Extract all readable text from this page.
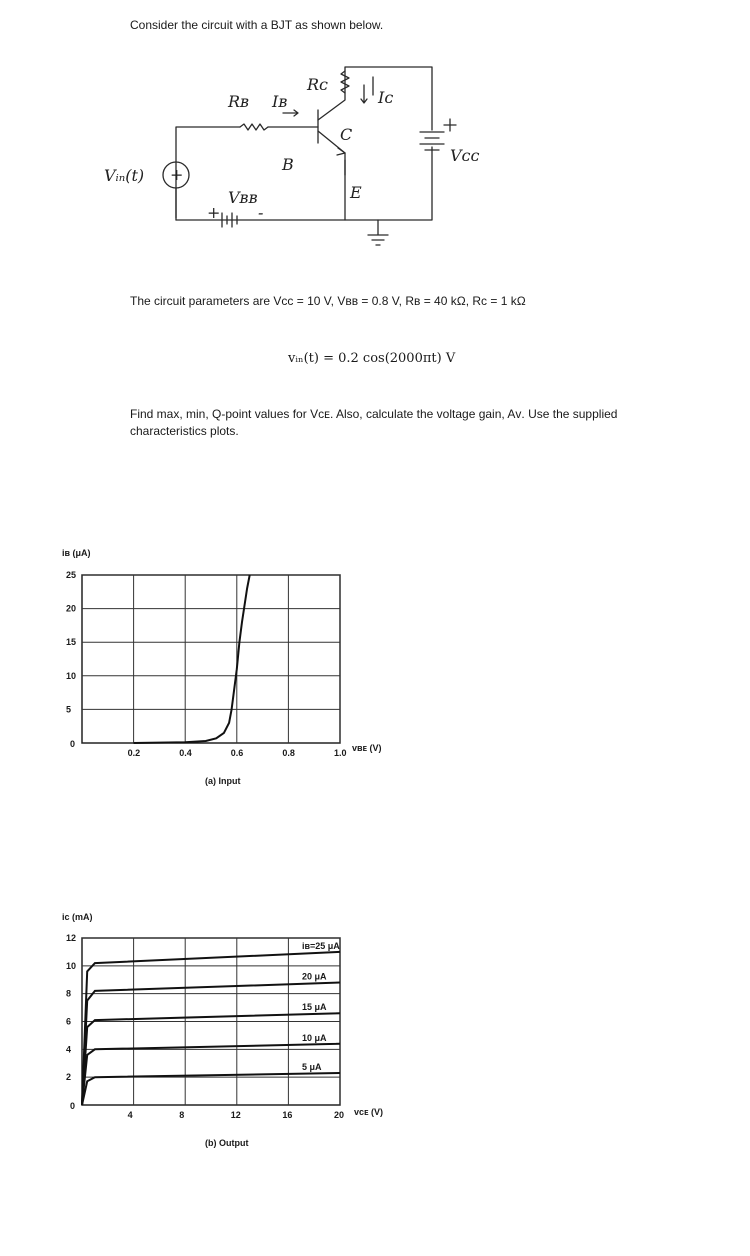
Consider the circuit with a BJT as shown below.
Rʙ Iʙ
Rᴄ
Iᴄ
B
C
E
Vʙʙ
+
Vᴄᴄ
Vᵢₙ(t) +
-
The circuit parameters are Vᴄᴄ = 10 V, Vʙʙ = 0.8 V, Rʙ = 40 kΩ, Rᴄ = 1 kΩ
vᵢₙ(t) = 0.2 cos(2000πt) V
Find max, min, Q-point values for Vᴄᴇ. Also, calculate the voltage gain, Aᴠ. Use the supplied characteristics plots.
iʙ (μA)
vʙᴇ (V)
(a) Input
0.2	0.4	0.6	0.8	1.0
5
10
15
20
25
0
iᴄ (mA)
vᴄᴇ (V)
(b) Output
4	8	12	16	20
2
4
6
8
10
12
0
iʙ=25 μA
20 μA
15 μA
10 μA
5 μA
